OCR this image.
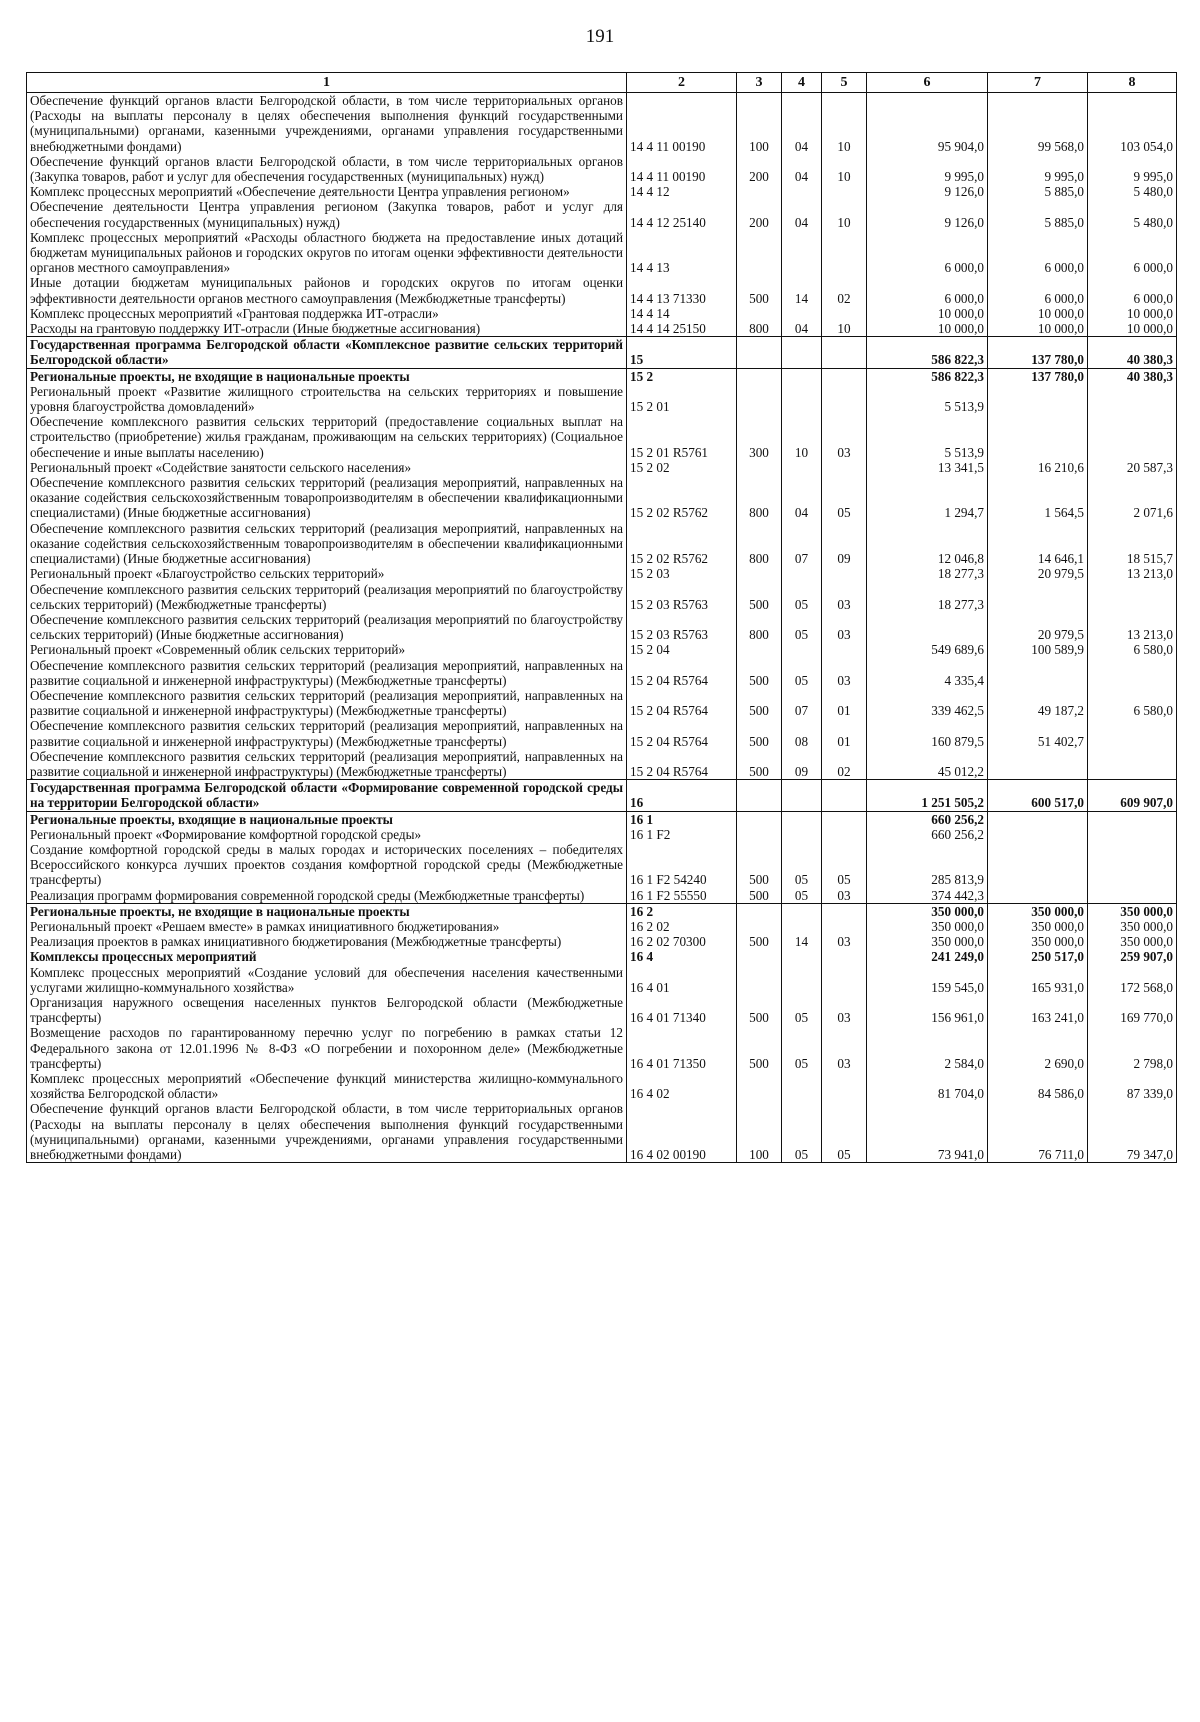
191
1	2	3	4	5	6	7	8
Обеспечение функций органов власти Белгородской области, в том числе территориальных органов (Расходы на выплаты персоналу в целях обеспечения выполнения функций государственными (муниципальными) органами, казенными учреждениями, органами управления государственными внебюджетными фондами)	14 4 11 00190	100	04	10	95 904,0	99 568,0	103 054,0
Обеспечение функций органов власти Белгородской области, в том числе территориальных органов (Закупка товаров, работ и услуг для обеспечения государственных (муниципальных) нужд)	14 4 11 00190	200	04	10	9 995,0	9 995,0	9 995,0
Комплекс процессных мероприятий «Обеспечение деятельности Центра управления регионом»	14 4 12				9 126,0	5 885,0	5 480,0
Обеспечение деятельности Центра управления регионом (Закупка товаров, работ и услуг для обеспечения государственных (муниципальных) нужд)	14 4 12 25140	200	04	10	9 126,0	5 885,0	5 480,0
Комплекс процессных мероприятий «Расходы областного бюджета на предоставление иных дотаций бюджетам муниципальных районов и городских округов по итогам оценки эффективности деятельности органов местного самоуправления»	14 4 13				6 000,0	6 000,0	6 000,0
Иные дотации бюджетам муниципальных районов и городских округов по итогам оценки эффективности деятельности органов местного самоуправления (Межбюджетные трансферты)	14 4 13 71330	500	14	02	6 000,0	6 000,0	6 000,0
Комплекс процессных мероприятий «Грантовая поддержка ИТ-отрасли»	14 4 14				10 000,0	10 000,0	10 000,0
Расходы на грантовую поддержку ИТ-отрасли (Иные бюджетные ассигнования)	14 4 14 25150	800	04	10	10 000,0	10 000,0	10 000,0
Государственная программа Белгородской области «Комплексное развитие сельских территорий Белгородской области»	15				586 822,3	137 780,0	40 380,3
Региональные проекты, не входящие в национальные проекты	15 2				586 822,3	137 780,0	40 380,3
Региональный проект «Развитие жилищного строительства на сельских территориях и повышение уровня благоустройства домовладений»	15 2 01				5 513,9		
Обеспечение комплексного развития сельских территорий (предоставление социальных выплат на строительство (приобретение) жилья гражданам, проживающим на сельских территориях) (Социальное обеспечение и иные выплаты населению)	15 2 01 R5761	300	10	03	5 513,9		
Региональный проект «Содействие занятости сельского населения»	15 2 02				13 341,5	16 210,6	20 587,3
Обеспечение комплексного развития сельских территорий (реализация мероприятий, направленных на оказание содействия сельскохозяйственным товаропроизводителям в обеспечении квалификационными специалистами) (Иные бюджетные ассигнования)	15 2 02 R5762	800	04	05	1 294,7	1 564,5	2 071,6
Обеспечение комплексного развития сельских территорий (реализация мероприятий, направленных на оказание содействия сельскохозяйственным товаропроизводителям в обеспечении квалификационными специалистами) (Иные бюджетные ассигнования)	15 2 02 R5762	800	07	09	12 046,8	14 646,1	18 515,7
Региональный проект «Благоустройство сельских территорий»	15 2 03				18 277,3	20 979,5	13 213,0
Обеспечение комплексного развития сельских территорий (реализация мероприятий по благоустройству сельских территорий) (Межбюджетные трансферты)	15 2 03 R5763	500	05	03	18 277,3		
Обеспечение комплексного развития сельских территорий (реализация мероприятий по благоустройству сельских территорий) (Иные бюджетные ассигнования)	15 2 03 R5763	800	05	03		20 979,5	13 213,0
Региональный проект «Современный облик сельских территорий»	15 2 04				549 689,6	100 589,9	6 580,0
Обеспечение комплексного развития сельских территорий (реализация мероприятий, направленных на развитие социальной и инженерной инфраструктуры) (Межбюджетные трансферты)	15 2 04 R5764	500	05	03	4 335,4		
Обеспечение комплексного развития сельских территорий (реализация мероприятий, направленных на развитие социальной и инженерной инфраструктуры) (Межбюджетные трансферты)	15 2 04 R5764	500	07	01	339 462,5	49 187,2	6 580,0
Обеспечение комплексного развития сельских территорий (реализация мероприятий, направленных на развитие социальной и инженерной инфраструктуры) (Межбюджетные трансферты)	15 2 04 R5764	500	08	01	160 879,5	51 402,7	
Обеспечение комплексного развития сельских территорий (реализация мероприятий, направленных на развитие социальной и инженерной инфраструктуры) (Межбюджетные трансферты)	15 2 04 R5764	500	09	02	45 012,2		
Государственная программа Белгородской области «Формирование современной городской среды на территории Белгородской области»	16				1 251 505,2	600 517,0	609 907,0
Региональные проекты, входящие в национальные проекты	16 1				660 256,2		
Региональный проект «Формирование комфортной городской среды»	16 1 F2				660 256,2		
Создание комфортной городской среды в малых городах и исторических поселениях – победителях Всероссийского конкурса лучших проектов создания комфортной городской среды (Межбюджетные трансферты)	16 1 F2 54240	500	05	05	285 813,9		
Реализация программ формирования современной городской среды (Межбюджетные трансферты)	16 1 F2 55550	500	05	03	374 442,3		
Региональные проекты, не входящие в национальные проекты	16 2				350 000,0	350 000,0	350 000,0
Региональный проект «Решаем вместе» в рамках инициативного бюджетирования»	16 2 02				350 000,0	350 000,0	350 000,0
Реализация проектов в рамках инициативного бюджетирования (Межбюджетные трансферты)	16 2 02 70300	500	14	03	350 000,0	350 000,0	350 000,0
Комплексы процессных мероприятий	16 4				241 249,0	250 517,0	259 907,0
Комплекс процессных мероприятий «Создание условий для обеспечения населения качественными услугами жилищно-коммунального хозяйства»	16 4 01				159 545,0	165 931,0	172 568,0
Организация наружного освещения населенных пунктов Белгородской области (Межбюджетные трансферты)	16 4 01 71340	500	05	03	156 961,0	163 241,0	169 770,0
Возмещение расходов по гарантированному перечню услуг по погребению в рамках статьи 12 Федерального закона от 12.01.1996 № 8-ФЗ «О погребении и похоронном деле» (Межбюджетные трансферты)	16 4 01 71350	500	05	03	2 584,0	2 690,0	2 798,0
Комплекс процессных мероприятий «Обеспечение функций министерства жилищно-коммунального хозяйства Белгородской области»	16 4 02				81 704,0	84 586,0	87 339,0
Обеспечение функций органов власти Белгородской области, в том числе территориальных органов (Расходы на выплаты персоналу в целях обеспечения выполнения функций государственными (муниципальными) органами, казенными учреждениями, органами управления государственными внебюджетными фондами)	16 4 02 00190	100	05	05	73 941,0	76 711,0	79 347,0
